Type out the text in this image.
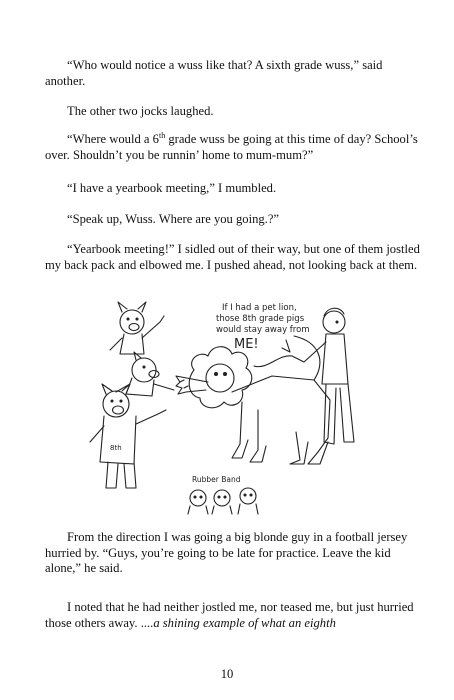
“Who would notice a wuss like that? A sixth grade wuss,” said another.

The other two jocks laughed.

“Where would a 6th grade wuss be going at this time of day? School’s over. Shouldn’t you be runnin’ home to mum-mum?”

“I have a yearbook meeting,” I mumbled.

“Speak up, Wuss. Where are you going.?”

“Yearbook meeting!” I sidled out of their way, but one of them jostled my back pack and elbowed me. I pushed ahead, not looking back at them.

If I had a pet lion,
those 8th grade pigs
would stay away from
ME!
8th
Rubber Band

From the direction I was going a big blonde guy in a football jersey hurried by. “Guys, you’re going to be late for practice. Leave the kid alone,” he said.

I noted that he had neither jostled me, nor teased me, but just hurried those others away. ....a shining example of what an eighth

10
